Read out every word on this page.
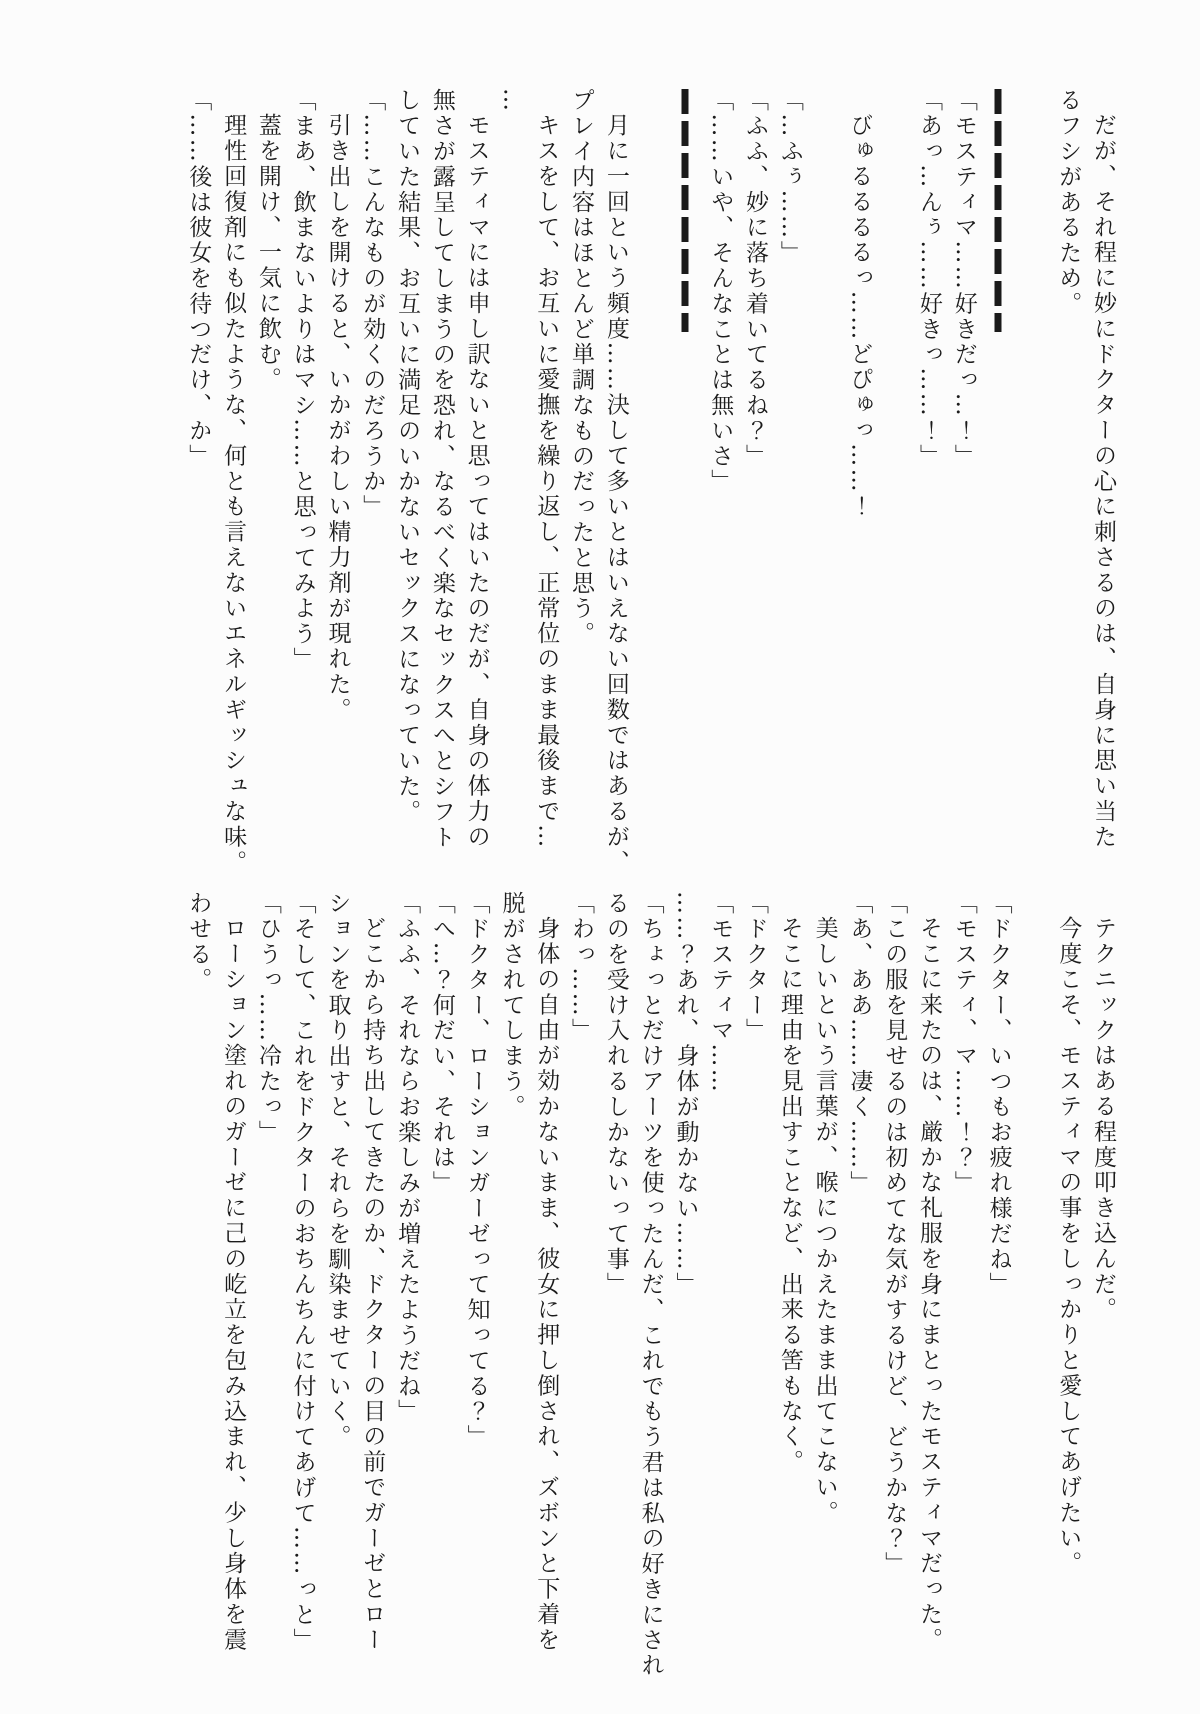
だが、それ程に妙にドクターの心に刺さるのは、自身に思い当た

るフシがあるため。

「モスティマ……好きだっ…！」

「あっ…んぅ……好きっ……！」

びゅるるるるっ……どぴゅっ……！

「…ふぅ……」

「ふふ、妙に落ち着いてるね？」

「……いや、そんなことは無いさ」

月に一回という頻度……決して多いとはいえない回数ではあるが、

プレイ内容はほとんど単調なものだったと思う。

キスをして、お互いに愛撫を繰り返し、正常位のまま最後まで…

…

モスティマには申し訳ないと思ってはいたのだが、自身の体力の

無さが露呈してしまうのを恐れ、なるべく楽なセックスへとシフト

していた結果、お互いに満足のいかないセックスになっていた。

「……こんなものが効くのだろうか」

引き出しを開けると、いかがわしい精力剤が現れた。

「まあ、飲まないよりはマシ……と思ってみよう」

蓋を開け、一気に飲む。

理性回復剤にも似たような、何とも言えないエネルギッシュな味。

「……後は彼女を待つだけ、か」

テクニックはある程度叩き込んだ。

今度こそ、モスティマの事をしっかりと愛してあげたい。

「ドクター、いつもお疲れ様だね」

「モスティ、マ……！？」

そこに来たのは、厳かな礼服を身にまとったモスティマだった。

「この服を見せるのは初めてな気がするけど、どうかな？」

「あ、ああ……凄く……」

美しいという言葉が、喉につかえたまま出てこない。

そこに理由を見出すことなど、出来る筈もなく。

「ドクター」

「モスティマ……

……？あれ、身体が動かない……」

「ちょっとだけアーツを使ったんだ、これでもう君は私の好きにされ

るのを受け入れるしかないって事」

「わっ……」

身体の自由が効かないまま、彼女に押し倒され、ズボンと下着を

脱がされてしまう。

「ドクター、ローションガーゼって知ってる？」

「へ…？何だい、それは」

「ふふ、それならお楽しみが増えたようだね」

どこから持ち出してきたのか、ドクターの目の前でガーゼとロー

ションを取り出すと、それらを馴染ませていく。

「そして、これをドクターのおちんちんに付けてあげて……っと」

「ひうっ……冷たっ」

ローション塗れのガーゼに己の屹立を包み込まれ、少し身体を震

わせる。
